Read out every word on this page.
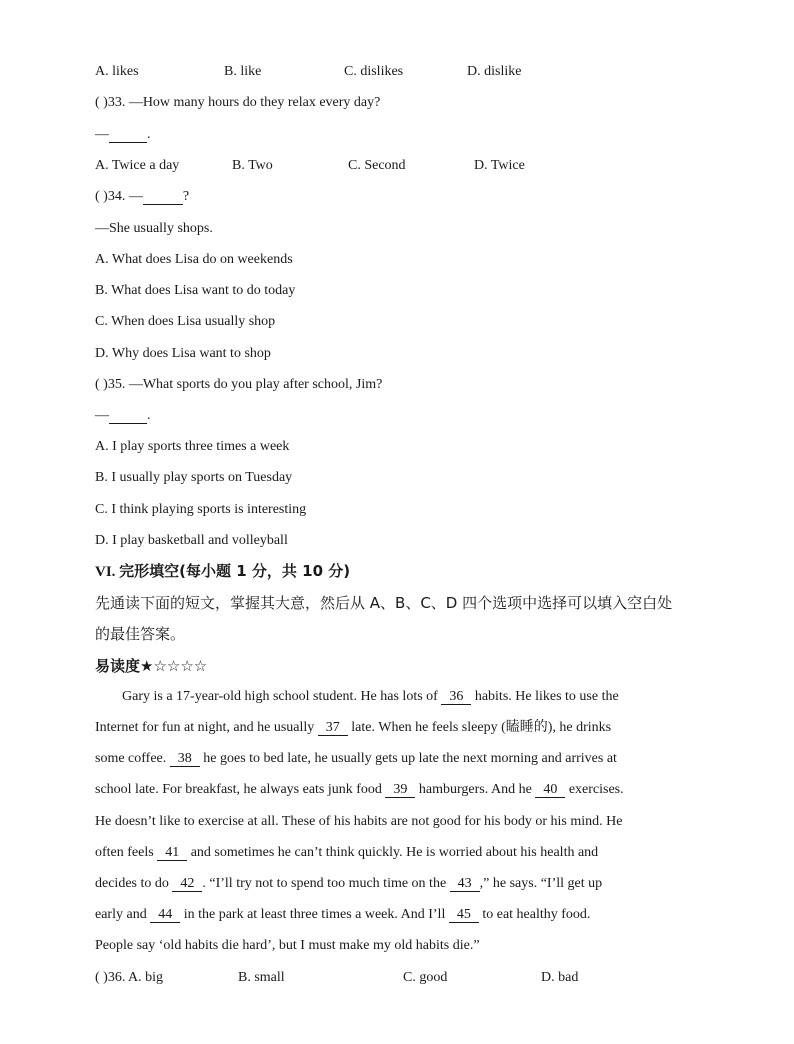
A. likes	B. like	C. dislikes	D. dislike
( )33. —How many hours do they relax every day?
—	.
A. Twice a day	B. Two	C. Second	D. Twice
( )34. —	?
—She usually shops.
A. What does Lisa do on weekends
B. What does Lisa want to do today
C. When does Lisa usually shop
D. Why does Lisa want to shop
( )35. —What sports do you play after school, Jim?
—	.
A. I play sports three times a week
B. I usually play sports on Tuesday
C. I think playing sports is interesting
D. I play basketball and volleyball
VI. 完形填空(每小题 1 分，共 10 分)
先通读下面的短文，掌握其大意，然后从 A、B、C、D 四个选项中选择可以填入空白处
的最佳答案。
易读度★☆☆☆☆
Gary is a 17-year-old high school student. He has lots of 36 habits. He likes to use the
Internet for fun at night, and he usually 37 late. When he feels sleepy (瞌睡的), he drinks
some coffee. 38 he goes to bed late, he usually gets up late the next morning and arrives at
school late. For breakfast, he always eats junk food 39 hamburgers. And he 40 exercises.
He doesn’t like to exercise at all. These of his habits are not good for his body or his mind. He
often feels 41 and sometimes he can’t think quickly. He is worried about his health and
decides to do 42 . “I’ll try not to spend too much time on the 43 ,” he says. “I’ll get up
early and 44 in the park at least three times a week. And I’ll 45 to eat healthy food.
People say ‘old habits die hard’, but I must make my old habits die.”
( )36. A. big	B. small	C. good	D. bad
